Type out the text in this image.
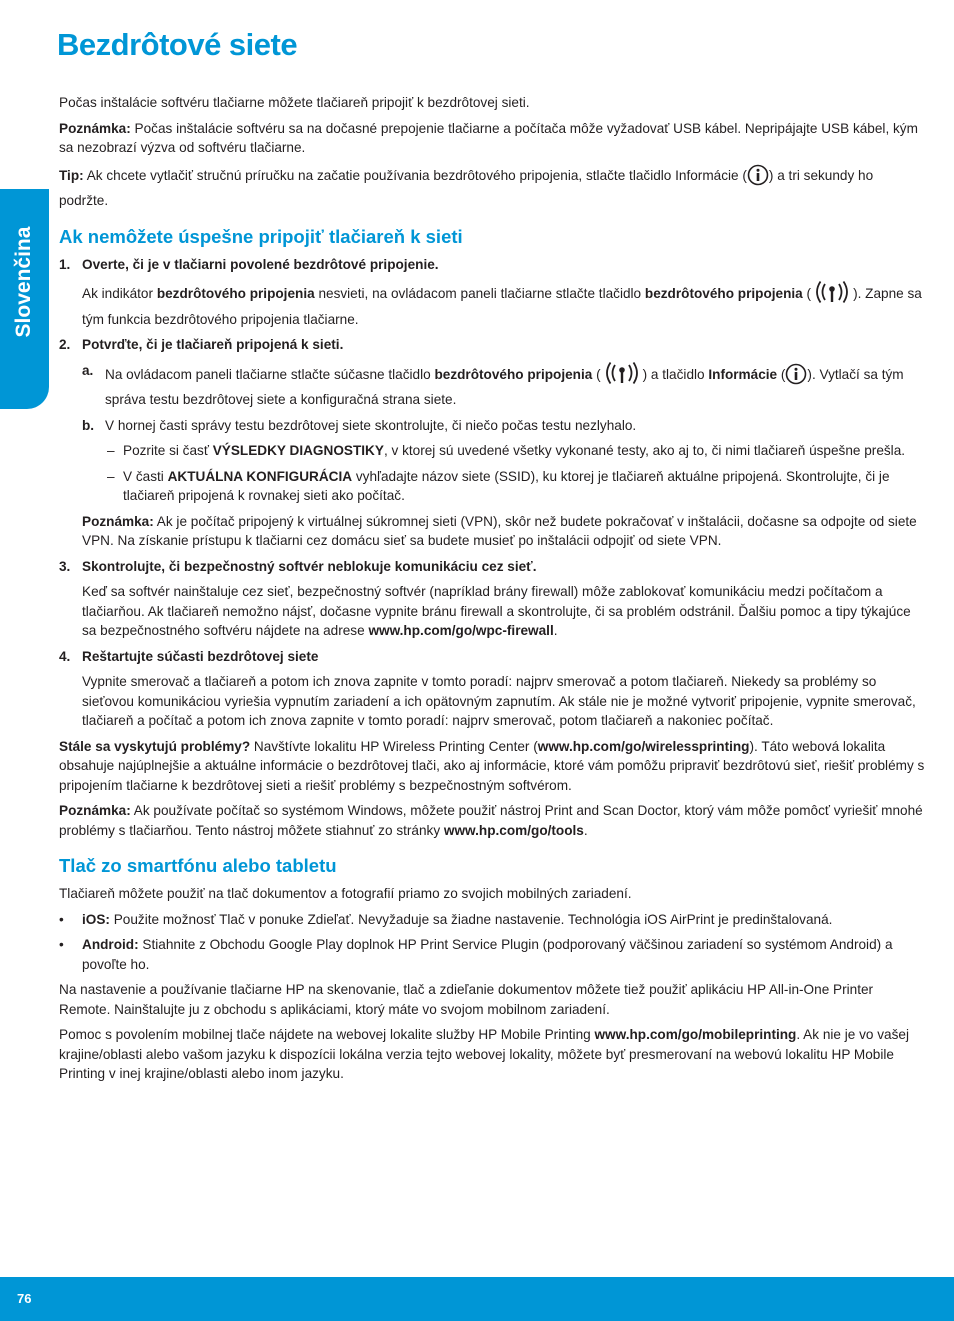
Bezdrôtové siete
Slovenčina

Počas inštalácie softvéru tlačiarne môžete tlačiareň pripojiť k bezdrôtovej sieti.

Poznámka: Počas inštalácie softvéru sa na dočasné prepojenie tlačiarne a počítača môže vyžadovať USB kábel. Nepripájajte USB kábel, kým sa nezobrazí výzva od softvéru tlačiarne.

Tip: Ak chcete vytlačiť stručnú príručku na začatie používania bezdrôtového pripojenia, stlačte tlačidlo Informácie ( ) a tri sekundy ho podržte.

Ak nemôžete úspešne pripojiť tlačiareň k sieti
1. Overte, či je v tlačiarni povolené bezdrôtové pripojenie.

Ak indikátor bezdrôtového pripojenia nesvieti, na ovládacom paneli tlačiarne stlačte tlačidlo bezdrôtového pripojenia (	). Zapne sa tým funkcia bezdrôtového pripojenia tlačiarne.

2. Potvrďte, či je tlačiareň pripojená k sieti.

a. Na ovládacom paneli tlačiarne stlačte súčasne tlačidlo bezdrôtového pripojenia (	) a tlačidlo Informácie ( ). Vytlačí sa tým správa testu bezdrôtovej siete a konfiguračná strana siete.

b. V hornej časti správy testu bezdrôtovej siete skontrolujte, či niečo počas testu nezlyhalo.

– Pozrite si časť VÝSLEDKY DIAGNOSTIKY, v ktorej sú uvedené všetky vykonané testy, ako aj to, či nimi tlačiareň úspešne prešla.

– V časti AKTUÁLNA KONFIGURÁCIA vyhľadajte názov siete (SSID), ku ktorej je tlačiareň aktuálne pripojená. Skontrolujte, či je tlačiareň pripojená k rovnakej sieti ako počítač.

Poznámka: Ak je počítač pripojený k virtuálnej súkromnej sieti (VPN), skôr než budete pokračovať v inštalácii, dočasne sa odpojte od siete VPN. Na získanie prístupu k tlačiarni cez domácu sieť sa budete musieť po inštalácii odpojiť od siete VPN.

3. Skontrolujte, či bezpečnostný softvér neblokuje komunikáciu cez sieť.

Keď sa softvér nainštaluje cez sieť, bezpečnostný softvér (napríklad brány firewall) môže zablokovať komunikáciu medzi počítačom a tlačiarňou. Ak tlačiareň nemožno nájsť, dočasne vypnite bránu firewall a skontrolujte, či sa problém odstránil. Ďalšiu pomoc a tipy týkajúce sa bezpečnostného softvéru nájdete na adrese www.hp.com/go/wpc-firewall.

4. Reštartujte súčasti bezdrôtovej siete

Vypnite smerovač a tlačiareň a potom ich znova zapnite v tomto poradí: najprv smerovač a potom tlačiareň. Niekedy sa problémy so sieťovou komunikáciou vyriešia vypnutím zariadení a ich opätovným zapnutím. Ak stále nie je možné vytvoriť pripojenie, vypnite smerovač, tlačiareň a počítač a potom ich znova zapnite v tomto poradí: najprv smerovač, potom tlačiareň a nakoniec počítač.

Stále sa vyskytujú problémy? Navštívte lokalitu HP Wireless Printing Center (www.hp.com/go/wirelessprinting). Táto webová lokalita obsahuje najúplnejšie a aktuálne informácie o bezdrôtovej tlači, ako aj informácie, ktoré vám pomôžu pripraviť bezdrôtovú sieť, riešiť problémy s pripojením tlačiarne k bezdrôtovej sieti a riešiť problémy s bezpečnostným softvérom.

Poznámka: Ak používate počítač so systémom Windows, môžete použiť nástroj Print and Scan Doctor, ktorý vám môže pomôcť vyriešiť mnohé problémy s tlačiarňou. Tento nástroj môžete stiahnuť zo stránky www.hp.com/go/tools.

Tlač zo smartfónu alebo tabletu

Tlačiareň môžete použiť na tlač dokumentov a fotografií priamo zo svojich mobilných zariadení.

• iOS: Použite možnosť Tlač v ponuke Zdieľať. Nevyžaduje sa žiadne nastavenie. Technológia iOS AirPrint je predinštalovaná.

• Android: Stiahnite z Obchodu Google Play doplnok HP Print Service Plugin (podporovaný väčšinou zariadení so systémom Android) a povoľte ho.

Na nastavenie a používanie tlačiarne HP na skenovanie, tlač a zdieľanie dokumentov môžete tiež použiť aplikáciu HP All-in-One Printer Remote. Nainštalujte ju z obchodu s aplikáciami, ktorý máte vo svojom mobilnom zariadení.

Pomoc s povolením mobilnej tlače nájdete na webovej lokalite služby HP Mobile Printing www.hp.com/go/mobileprinting. Ak nie je vo vašej krajine/oblasti alebo vašom jazyku k dispozícii lokálna verzia tejto webovej lokality, môžete byť presmerovaní na webovú lokalitu HP Mobile Printing v inej krajine/oblasti alebo inom jazyku.

76
